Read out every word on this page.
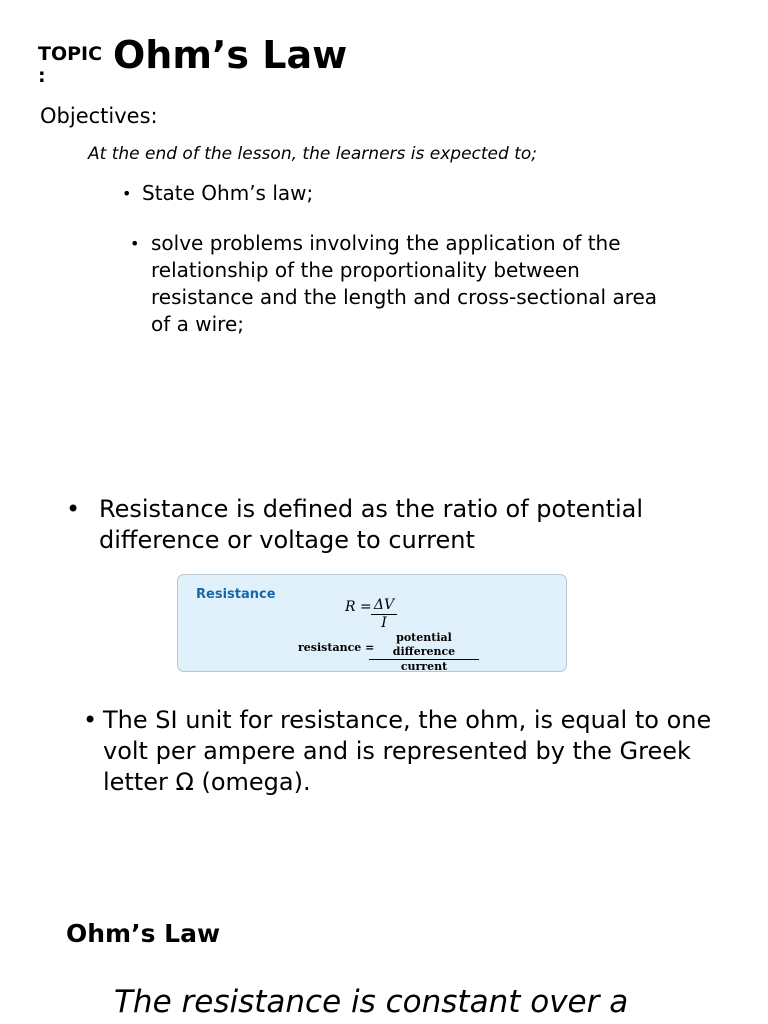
TOPIC
: Ohm’s Law
Objectives:
At the end of the lesson, the learners is expected to;
• State Ohm’s law;
• solve problems involving the application of the relationship of the proportionality between resistance and the length and cross-sectional area of a wire;
• Resistance is defined as the ratio of potential difference or voltage to current
Resistance
$R = \frac{\Delta V}{I}$
resistance =
potential difference
current
• The SI unit for resistance, the ohm, is equal to one volt per ampere and is represented by the Greek letter Ω (omega).
Ohm’s Law
The resistance is constant over a
